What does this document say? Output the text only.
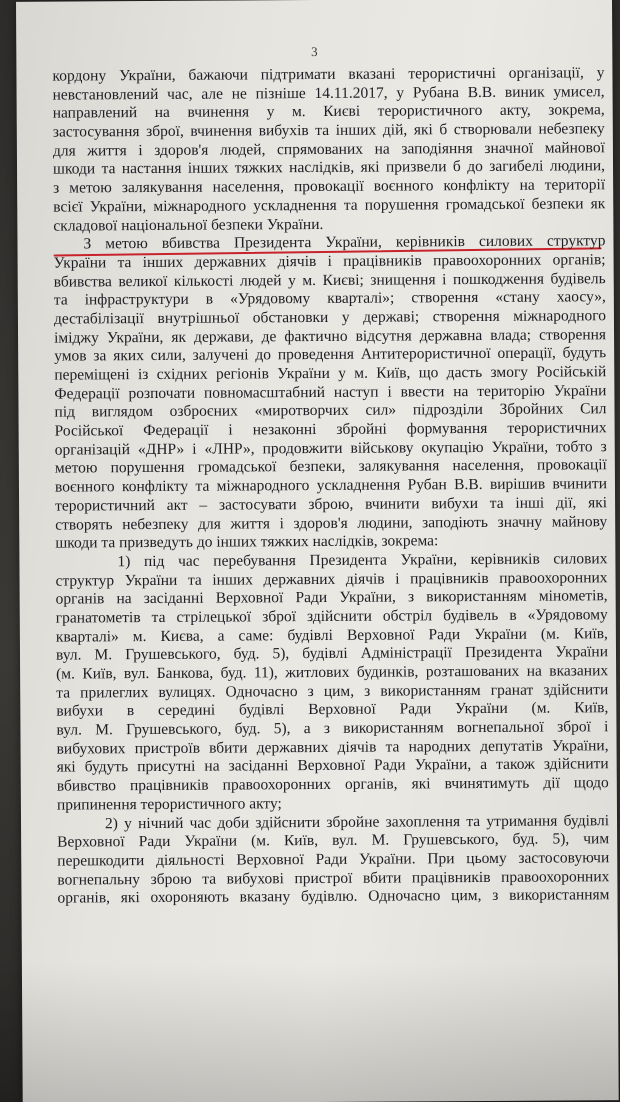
3
кордону України, бажаючи підтримати вказані терористичні організації, у
невстановлений час, але не пізніше 14.11.2017, у Рубана В.В. виник умисел,
направлений на вчинення у м. Києві терористичного акту, зокрема,
застосування зброї, вчинення вибухів та інших дій, які б створювали небезпеку
для життя і здоров'я людей, спрямованих на заподіяння значної майнової
шкоди та настання інших тяжких наслідків, які призвели б до загибелі людини,
з метою залякування населення, провокації воєнного конфлікту на території
всієї України, міжнародного ускладнення та порушення громадської безпеки як
складової національної безпеки України.
З метою вбивства Президента України, керівників силових структур
України та інших державних діячів і працівників правоохоронних органів;
вбивства великої кількості людей у м. Києві; знищення і пошкодження будівель
та інфраструктури в «Урядовому кварталі»; створення «стану хаосу»,
дестабілізації внутрішньої обстановки у державі; створення міжнародного
іміджу України, як держави, де фактично відсутня державна влада; створення
умов за яких сили, залучені до проведення Антитерористичної операції, будуть
переміщені із східних регіонів України у м. Київ, що дасть змогу Російській
Федерації розпочати повномасштабний наступ і ввести на територію України
під виглядом озброєних «миротворчих сил» підрозділи Збройних Сил
Російської Федерації і незаконні збройні формування терористичних
організацій «ДНР» і «ЛНР», продовжити військову окупацію України, тобто з
метою порушення громадської безпеки, залякування населення, провокації
воєнного конфлікту та міжнародного ускладнення Рубан В.В. вирішив вчинити
терористичний акт – застосувати зброю, вчинити вибухи та інші дії, які
створять небезпеку для життя і здоров'я людини, заподіють значну майнову
шкоди та призведуть до інших тяжких наслідків, зокрема:
1) під час перебування Президента України, керівників силових
структур України та інших державних діячів і працівників правоохоронних
органів на засіданні Верховної Ради України, з використанням мінометів,
гранатометів та стрілецької зброї здійснити обстріл будівель в «Урядовому
кварталі» м. Києва, а саме: будівлі Верховної Ради України (м. Київ,
вул. М. Грушевського, буд. 5), будівлі Адміністрації Президента України
(м. Київ, вул. Банкова, буд. 11), житлових будинків, розташованих на вказаних
та прилеглих вулицях. Одночасно з цим, з використанням гранат здійснити
вибухи в середині будівлі Верховної Ради України (м. Київ,
вул. М. Грушевського, буд. 5), а з використанням вогнепальної зброї і
вибухових пристроїв вбити державних діячів та народних депутатів України,
які будуть присутні на засіданні Верховної Ради України, а також здійснити
вбивство працівників правоохоронних органів, які вчинятимуть дії щодо
припинення терористичного акту;
2) у нічний час доби здійснити збройне захоплення та утримання будівлі
Верховної Ради України (м. Київ, вул. М. Грушевського, буд. 5), чим
перешкодити діяльності Верховної Ради України. При цьому застосовуючи
вогнепальну зброю та вибухові пристрої вбити працівників правоохоронних
органів, які охороняють вказану будівлю. Одночасно цим, з використанням
